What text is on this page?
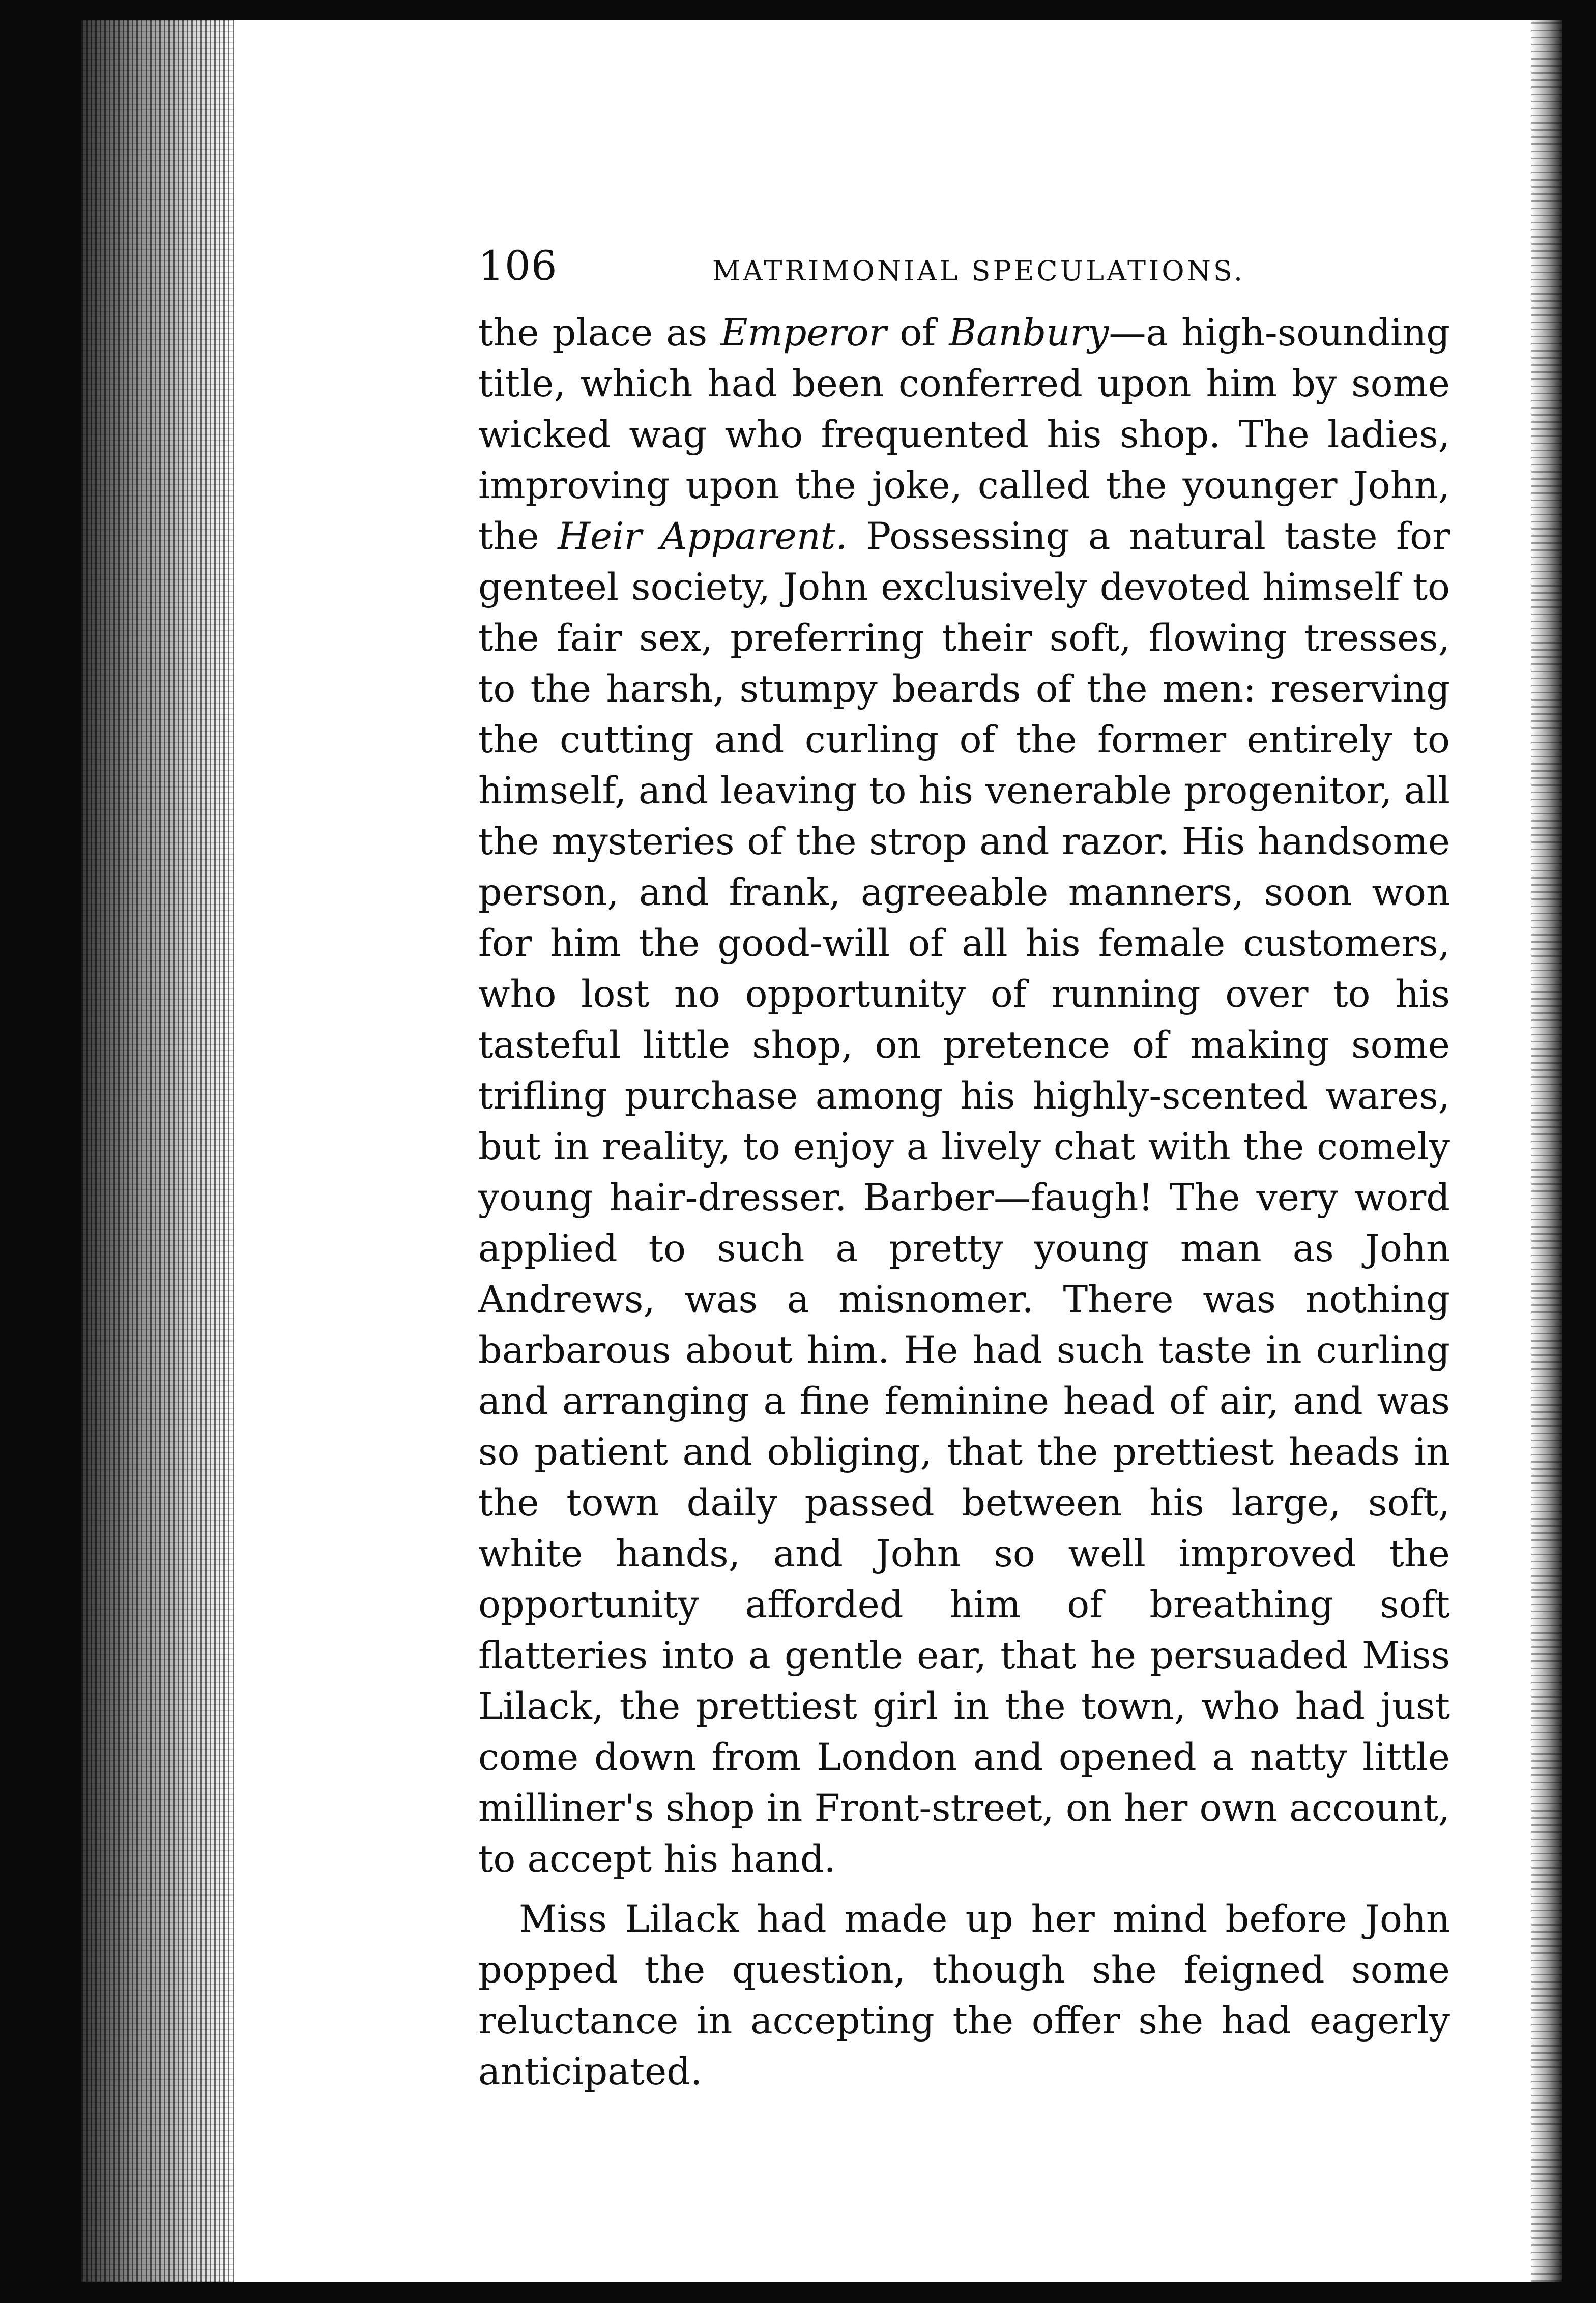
106	MATRIMONIAL SPECULATIONS.

the place as Emperor of Banbury—a high-sounding title, which had been conferred upon him by some wicked wag who frequented his shop. The ladies, improving upon the joke, called the younger John, the Heir Apparent. Possessing a natural taste for genteel society, John exclusively devoted himself to the fair sex, preferring their soft, flowing tresses, to the harsh, stumpy beards of the men: reserving the cutting and curling of the former entirely to himself, and leaving to his venerable progenitor, all the mysteries of the strop and razor. His handsome person, and frank, agreeable manners, soon won for him the good-will of all his female customers, who lost no opportunity of running over to his tasteful little shop, on pretence of making some trifling purchase among his highly-scented wares, but in reality, to enjoy a lively chat with the comely young hair-dresser. Barber—faugh! The very word applied to such a pretty young man as John Andrews, was a misnomer. There was nothing barbarous about him. He had such taste in curling and arranging a fine feminine head of air, and was so patient and obliging, that the prettiest heads in the town daily passed between his large, soft, white hands, and John so well improved the opportunity afforded him of breathing soft flatteries into a gentle ear, that he persuaded Miss Lilack, the prettiest girl in the town, who had just come down from London and opened a natty little milliner's shop in Front-street, on her own account, to accept his hand.

Miss Lilack had made up her mind before John popped the question, though she feigned some reluctance in accepting the offer she had eagerly anticipated.
